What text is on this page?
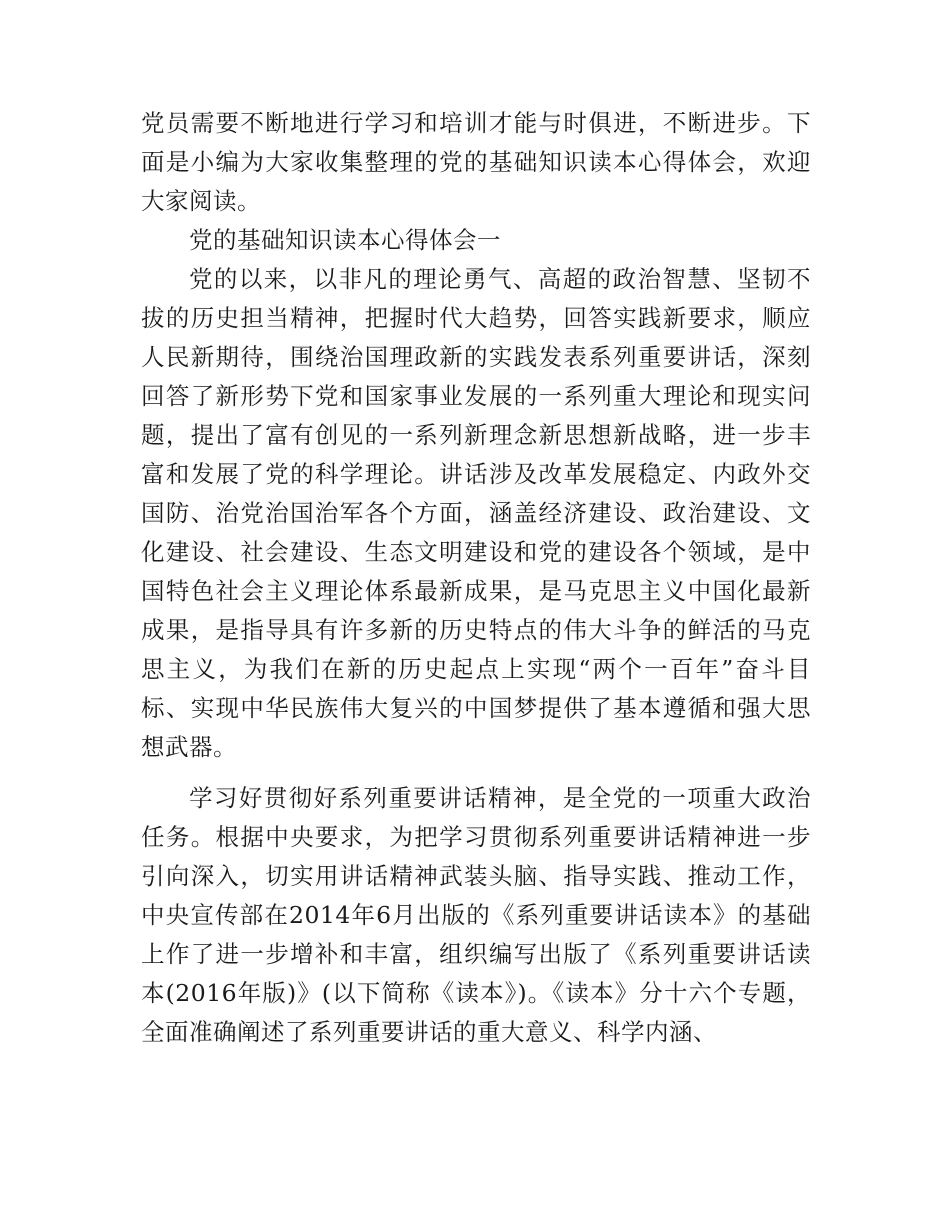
党员需要不断地进行学习和培训才能与时俱进，不断进步。下面是小编为大家收集整理的党的基础知识读本心得体会，欢迎大家阅读。

党的基础知识读本心得体会一

党的以来，以非凡的理论勇气、高超的政治智慧、坚韧不拔的历史担当精神，把握时代大趋势，回答实践新要求，顺应人民新期待，围绕治国理政新的实践发表系列重要讲话，深刻回答了新形势下党和国家事业发展的一系列重大理论和现实问题，提出了富有创见的一系列新理念新思想新战略，进一步丰富和发展了党的科学理论。讲话涉及改革发展稳定、内政外交国防、治党治国治军各个方面，涵盖经济建设、政治建设、文化建设、社会建设、生态文明建设和党的建设各个领域，是中国特色社会主义理论体系最新成果，是马克思主义中国化最新成果，是指导具有许多新的历史特点的伟大斗争的鲜活的马克思主义，为我们在新的历史起点上实现“两个一百年”奋斗目标、实现中华民族伟大复兴的中国梦提供了基本遵循和强大思想武器。

学习好贯彻好系列重要讲话精神，是全党的一项重大政治任务。根据中央要求，为把学习贯彻系列重要讲话精神进一步引向深入，切实用讲话精神武装头脑、指导实践、推动工作，中央宣传部在2014年6月出版的《系列重要讲话读本》的基础上作了进一步增补和丰富，组织编写出版了《系列重要讲话读本(2016年版)》(以下简称《读本》)。《读本》分十六个专题，全面准确阐述了系列重要讲话的重大意义、科学内涵、
